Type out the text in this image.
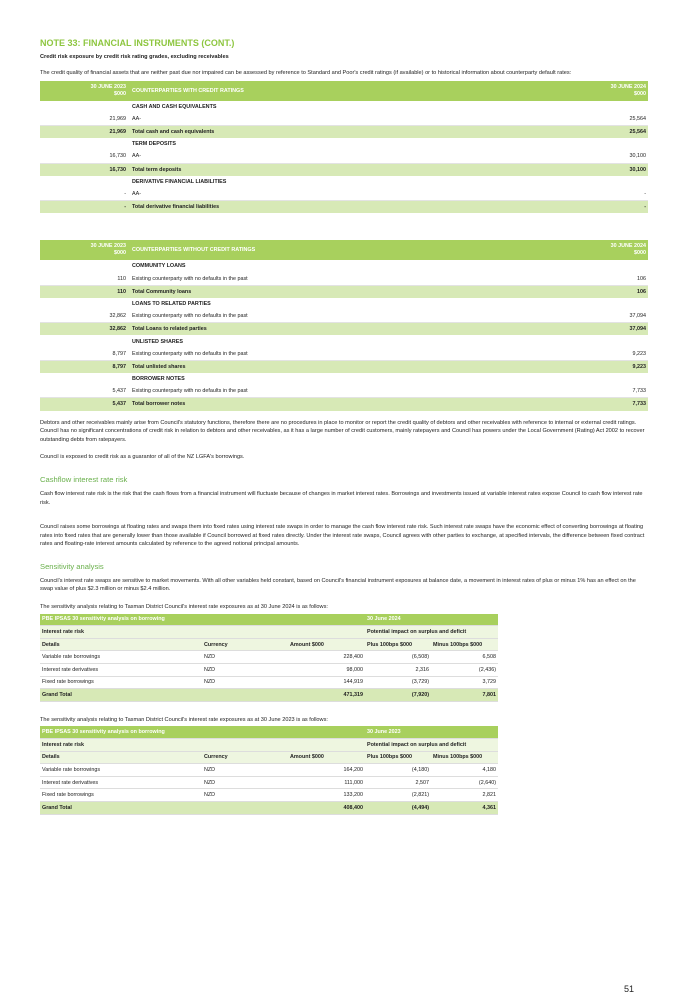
NOTE 33: FINANCIAL INSTRUMENTS (CONT.)
Credit risk exposure by credit risk rating grades, excluding receivables

The credit quality of financial assets that are neither past due nor impaired can be assessed by reference to Standard and Poor's credit ratings (if available) or to historical information about counterparty default rates:

30 JUNE 2023
$000	COUNTERPARTIES WITH CREDIT RATINGS	30 JUNE 2024
$000
	CASH AND CASH EQUIVALENTS	
21,969	AA-	25,564
21,969	Total cash and cash equivalents	25,564
	TERM DEPOSITS	
16,730	AA-	30,100
16,730	Total term deposits	30,100
	DERIVATIVE FINANCIAL LIABILITIES	
-	AA-	-
-	Total derivative financial liabilities	-
30 JUNE 2023
$000	COUNTERPARTIES WITHOUT CREDIT RATINGS	30 JUNE 2024
$000
	COMMUNITY LOANS	
110	Existing counterparty with no defaults in the past	106
110	Total Community loans	106
	LOANS TO RELATED PARTIES	
32,862	Existing counterparty with no defaults in the past	37,094
32,862	Total Loans to related parties	37,094
	UNLISTED SHARES	
8,797	Existing counterparty with no defaults in the past	9,223
8,797	Total unlisted shares	9,223
	BORROWER NOTES	
5,437	Existing counterparty with no defaults in the past	7,733
5,437	Total borrower notes	7,733

Debtors and other receivables mainly arise from Council's statutory functions, therefore there are no procedures in place to monitor or report the credit quality of debtors and other receivables with reference to internal or external credit ratings. Council has no significant concentrations of credit risk in relation to debtors and other receivables, as it has a large number of credit customers, mainly ratepayers and Council has powers under the Local Government (Rating) Act 2002 to recover outstanding debts from ratepayers.

Council is exposed to credit risk as a guarantor of all of the NZ LGFA's borrowings.

Cashflow interest rate risk

Cash flow interest rate risk is the risk that the cash flows from a financial instrument will fluctuate because of changes in market interest rates. Borrowings and investments issued at variable interest rates expose Council to cash flow interest rate risk.

Council raises some borrowings at floating rates and swaps them into fixed rates using interest rate swaps in order to manage the cash flow interest rate risk. Such interest rate swaps have the economic effect of converting borrowings at floating rates into fixed rates that are generally lower than those available if Council borrowed at fixed rates directly. Under the interest rate swaps, Council agrees with other parties to exchange, at specified intervals, the difference between fixed contract rates and floating-rate interest amounts calculated by reference to the agreed notional principal amounts.

Sensitivity analysis

Council's interest rate swaps are sensitive to market movements. With all other variables held constant, based on Council's financial instrument exposures at balance date, a movement in interest rates of plus or minus 1% has an effect on the swap value of plus $2.3 million or minus $2.4 million.

The sensitivity analysis relating to Tasman District Council's interest rate exposures as at 30 June 2024 is as follows:

PBE IPSAS 30 sensitivity analysis on borrowing			30 June 2024	
Interest rate risk			Potential impact on surplus and deficit	
Details	Currency	Amount $000	Plus 100bps $000	Minus 100bps $000
Variable rate borrowings	NZD	228,400	(6,508)	6,508
Interest rate derivatives	NZD	98,000	2,316	(2,436)
Fixed rate borrowings	NZD	144,919	(3,729)	3,729
Grand Total		471,319	(7,920)	7,801

The sensitivity analysis relating to Tasman District Council's interest rate exposures as at 30 June 2023 is as follows:

PBE IPSAS 30 sensitivity analysis on borrowing			30 June 2023	
Interest rate risk			Potential impact on surplus and deficit	
Details	Currency	Amount $000	Plus 100bps $000	Minus 100bps $000
Variable rate borrowings	NZD	164,200	(4,180)	4,180
Interest rate derivatives	NZD	111,000	2,507	(2,640)
Fixed rate borrowings	NZD	133,200	(2,821)	2,821
Grand Total		408,400	(4,494)	4,361
51
